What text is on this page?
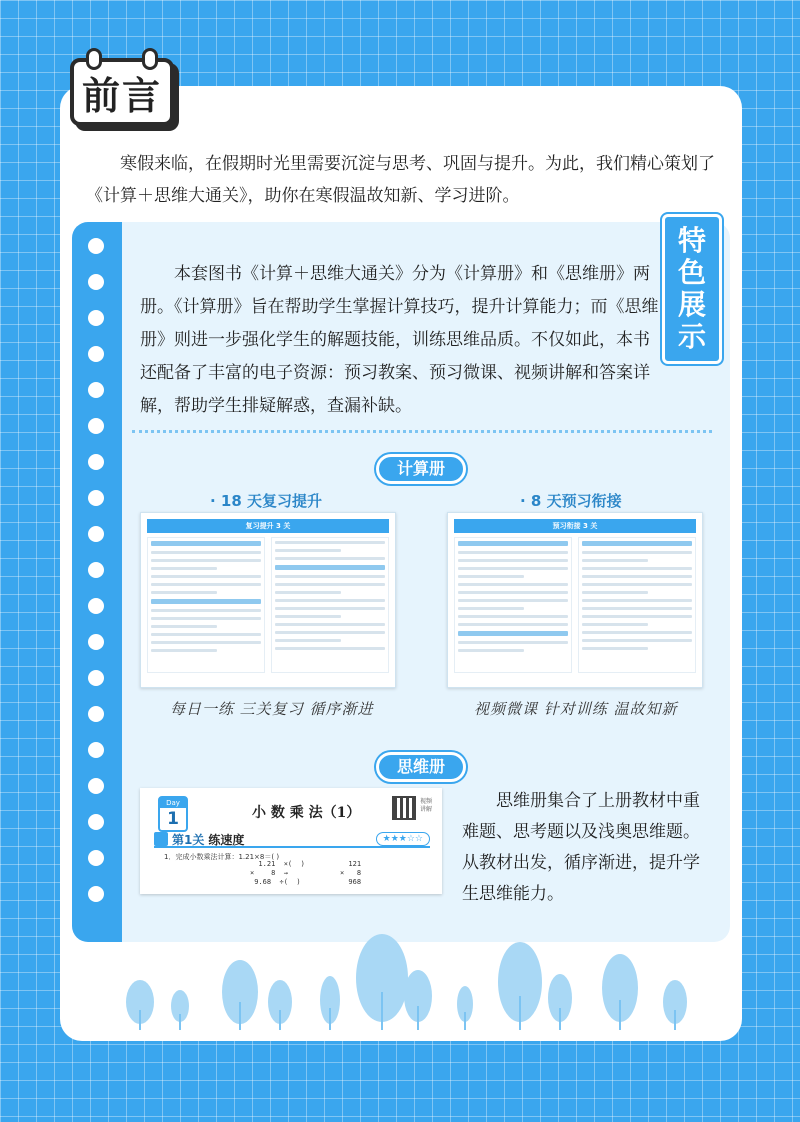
前言

寒假来临，在假期时光里需要沉淀与思考、巩固与提升。为此，我们精心策划了《计算＋思维大通关》，助你在寒假温故知新、学习进阶。

特
色
展
示

本套图书《计算＋思维大通关》分为《计算册》和《思维册》两册。《计算册》旨在帮助学生掌握计算技巧，提升计算能力；而《思维册》则进一步强化学生的解题技能，训练思维品质。不仅如此，本书还配备了丰富的电子资源：预习教案、预习微课、视频讲解和答案详解，帮助学生排疑解惑，查漏补缺。

计算册
· 18 天复习提升	· 8 天预习衔接
复习提升 3 关	预习衔接 3 关
每日一练 三关复习 循序渐进	视频微课 针对训练 温故知新
思维册
Day
1	小 数 乘 法（1）
视频讲解
第1关 练速度	★★★☆☆
1．完成小数乘法计算：1.21×8＝( )
1.21  ×(  )
×    8  →
9.68  ÷(  )
121
×   8
968

思维册集合了上册教材中重难题、思考题以及浅奥思维题。从教材出发，循序渐进，提升学生思维能力。
